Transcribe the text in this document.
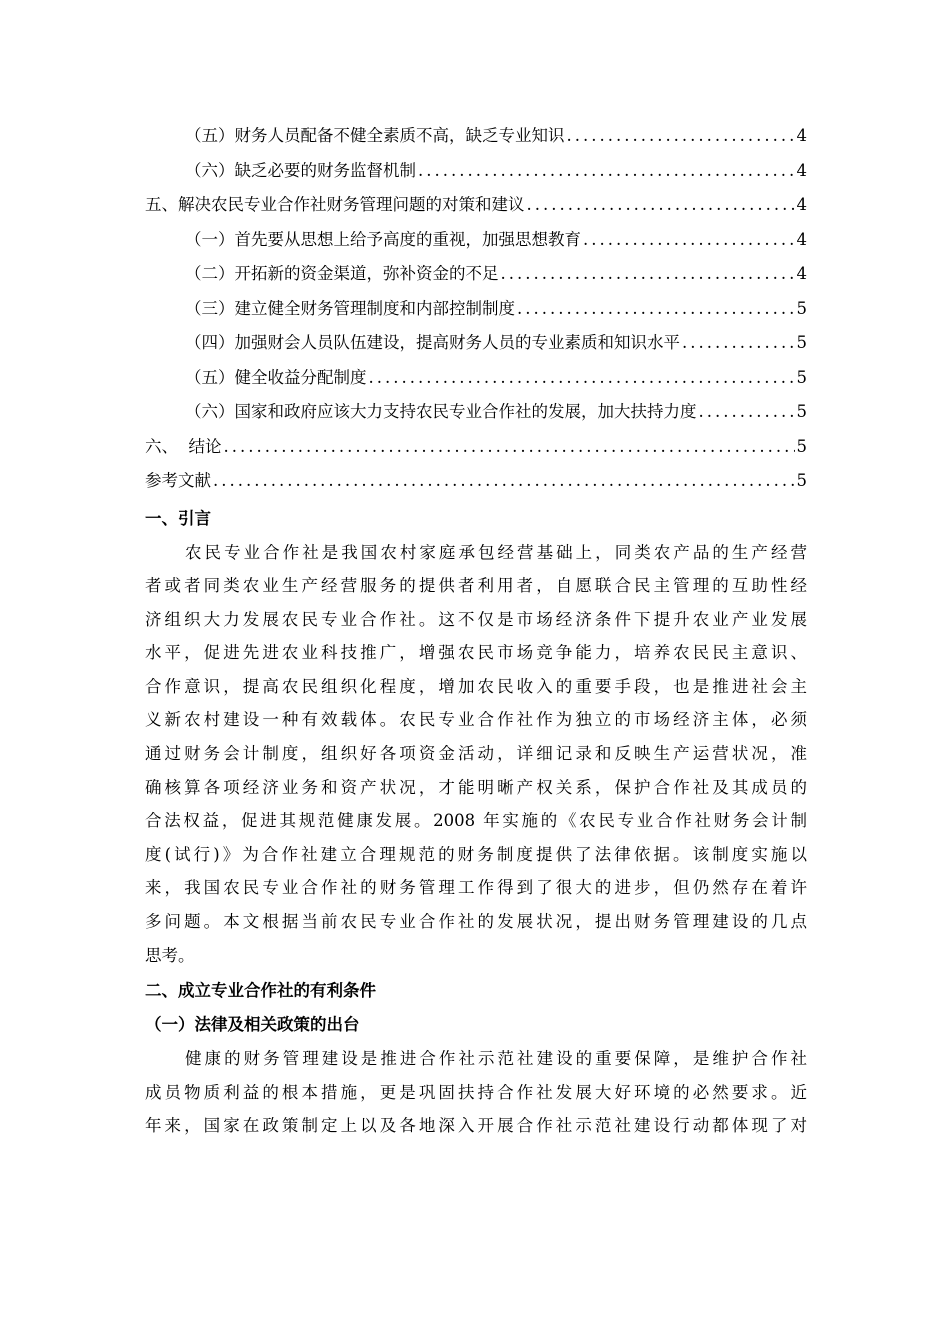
（五）财务人员配备不健全素质不高，缺乏专业知识 .....	4
（六）缺乏必要的财务监督机制 .....	4
五、解决农民专业合作社财务管理问题的对策和建议 .....	4
（一）首先要从思想上给予高度的重视，加强思想教育 .....	4
（二）开拓新的资金渠道，弥补资金的不足 .....	4
（三）建立健全财务管理制度和内部控制制度 .....	5
（四）加强财会人员队伍建设，提高财务人员的专业素质和知识水平 .....	5
（五）健全收益分配制度 .....	5
（六）国家和政府应该大力支持农民专业合作社的发展，加大扶持力度 .....	5
六、  结论 .....	5
参考文献 .....	5
一、引言
农民专业合作社是我国农村家庭承包经营基础上，同类农产品的生产经营
者或者同类农业生产经营服务的提供者利用者，自愿联合民主管理的互助性经
济组织大力发展农民专业合作社。这不仅是市场经济条件下提升农业产业发展
水平，促进先进农业科技推广，增强农民市场竞争能力，培养农民民主意识、
合作意识，提高农民组织化程度，增加农民收入的重要手段，也是推进社会主
义新农村建设一种有效载体。农民专业合作社作为独立的市场经济主体，必须
通过财务会计制度，组织好各项资金活动，详细记录和反映生产运营状况，准
确核算各项经济业务和资产状况，才能明晰产权关系，保护合作社及其成员的
合法权益，促进其规范健康发展。2008 年实施的《农民专业合作社财务会计制
度(试行)》为合作社建立合理规范的财务制度提供了法律依据。该制度实施以
来，我国农民专业合作社的财务管理工作得到了很大的进步，但仍然存在着许
多问题。本文根据当前农民专业合作社的发展状况，提出财务管理建设的几点
思考。
二、成立专业合作社的有利条件
（一）法律及相关政策的出台
健康的财务管理建设是推进合作社示范社建设的重要保障，是维护合作社
成员物质利益的根本措施，更是巩固扶持合作社发展大好环境的必然要求。近
年来，国家在政策制定上以及各地深入开展合作社示范社建设行动都体现了对
